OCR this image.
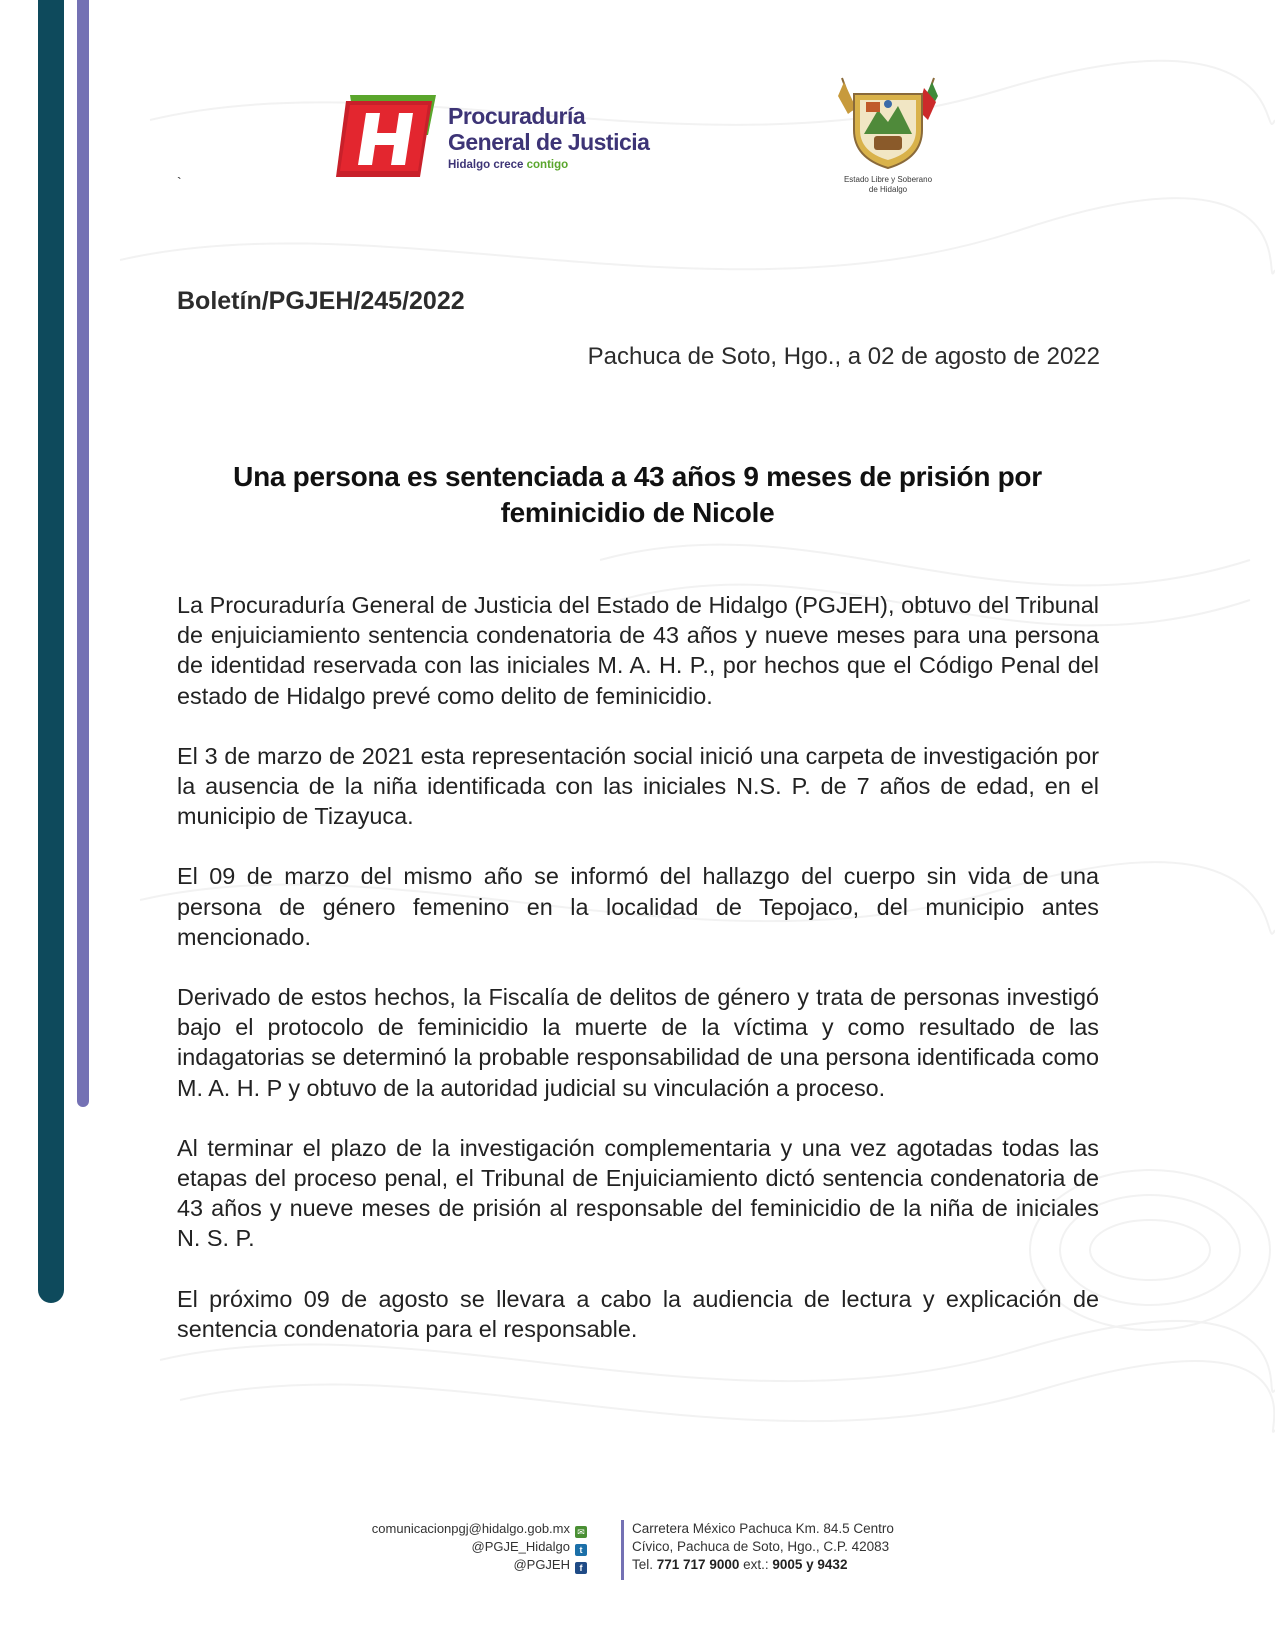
Procuraduría
General de Justicia
Hidalgo crece contigo
Estado Libre y Soberano
de Hidalgo
`
Boletín/PGJEH/245/2022
Pachuca de Soto, Hgo., a 02 de agosto de 2022
Una persona es sentenciada a 43 años 9 meses de prisión por feminicidio de Nicole

La Procuraduría General de Justicia del Estado de Hidalgo (PGJEH), obtuvo del Tribunal de enjuiciamiento sentencia condenatoria de 43 años y nueve meses para una persona de identidad reservada con las iniciales M. A. H. P., por hechos que el Código Penal del estado de Hidalgo prevé como delito de feminicidio.

El 3 de marzo de 2021 esta representación social inició una carpeta de investigación por la ausencia de la niña identificada con las iniciales N.S. P. de 7 años de edad, en el municipio de Tizayuca.

El 09 de marzo del mismo año se informó del hallazgo del cuerpo sin vida de una persona de género femenino en la localidad de Tepojaco, del municipio antes mencionado.

Derivado de estos hechos, la Fiscalía de delitos de género y trata de personas investigó bajo el protocolo de feminicidio la muerte de la víctima y como resultado de las indagatorias se determinó la probable responsabilidad de una persona identificada como M. A. H. P y obtuvo de la autoridad judicial su vinculación a proceso.

Al terminar el plazo de la investigación complementaria y una vez agotadas todas las etapas del proceso penal, el Tribunal de Enjuiciamiento dictó sentencia condenatoria de 43 años y nueve meses de prisión al responsable del feminicidio de la niña de iniciales N. S. P.

El próximo 09 de agosto se llevara a cabo la audiencia de lectura y explicación de sentencia condenatoria para el responsable.

comunicacionpgj@hidalgo.gob.mx ✉
@PGJE_Hidalgo t
@PGJEH f
Carretera México Pachuca Km. 84.5 Centro
Cívico, Pachuca de Soto, Hgo., C.P. 42083
Tel. 771 717 9000 ext.: 9005 y 9432
